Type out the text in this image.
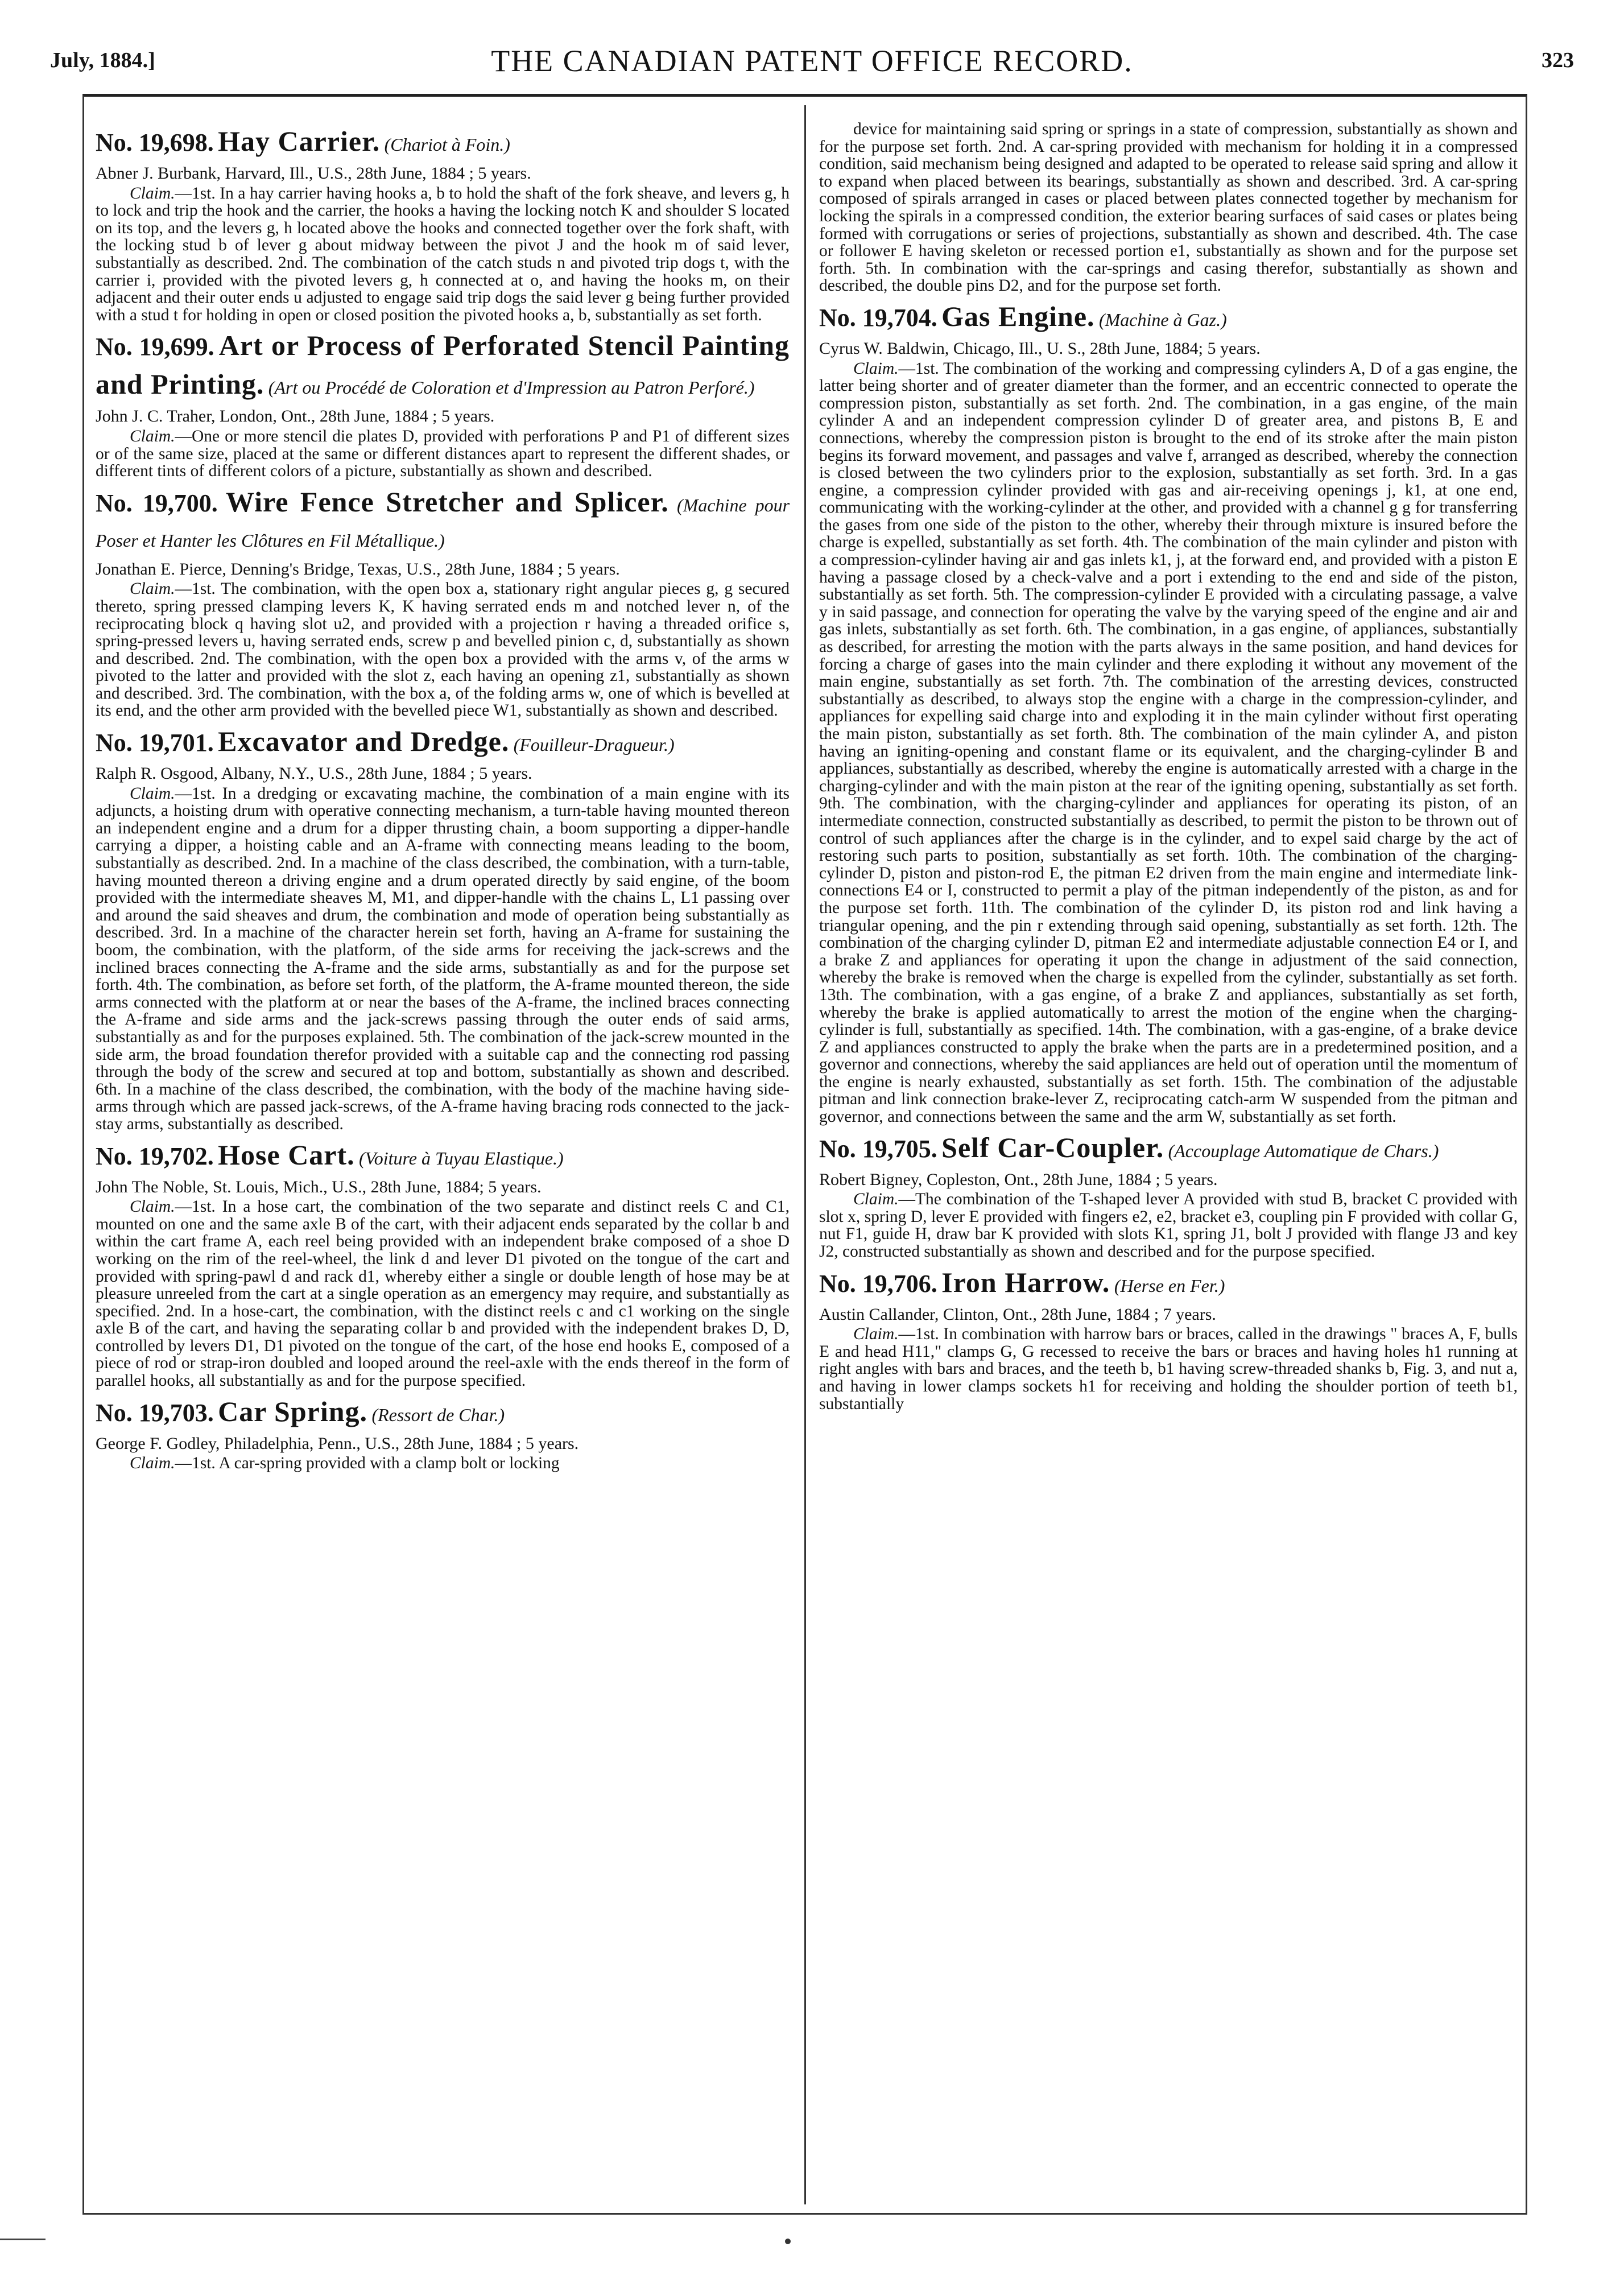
July, 1884.]	THE CANADIAN PATENT OFFICE RECORD.	323
No. 19,698. Hay Carrier. (Chariot à Foin.)
Abner J. Burbank, Harvard, Ill., U.S., 28th June, 1884 ; 5 years.
Claim.—1st. In a hay carrier having hooks a, b to hold the shaft of the fork sheave, and levers g, h to lock and trip the hook and the carrier, the hooks a having the locking notch K and shoulder S located on its top, and the levers g, h located above the hooks and connected together over the fork shaft, with the locking stud b of lever g about midway between the pivot J and the hook m of said lever, substantially as described. 2nd. The combination of the catch studs n and pivoted trip dogs t, with the carrier i, provided with the pivoted levers g, h connected at o, and having the hooks m, on their adjacent and their outer ends u adjusted to engage said trip dogs the said lever g being further provided with a stud t for holding in open or closed position the pivoted hooks a, b, substantially as set forth.
No. 19,699. Art or Process of Perforated Stencil Painting and Printing. (Art ou Procédé de Coloration et d'Impression au Patron Perforé.)
John J. C. Traher, London, Ont., 28th June, 1884 ; 5 years.
Claim.—One or more stencil die plates D, provided with perforations P and P1 of different sizes or of the same size, placed at the same or different distances apart to represent the different shades, or different tints of different colors of a picture, substantially as shown and described.
No. 19,700. Wire Fence Stretcher and Splicer. (Machine pour Poser et Hanter les Clôtures en Fil Métallique.)
Jonathan E. Pierce, Denning's Bridge, Texas, U.S., 28th June, 1884 ; 5 years.
Claim.—1st. The combination, with the open box a, stationary right angular pieces g, g secured thereto, spring pressed clamping levers K, K having serrated ends m and notched lever n, of the reciprocating block q having slot u2, and provided with a projection r having a threaded orifice s, spring-pressed levers u, having serrated ends, screw p and bevelled pinion c, d, substantially as shown and described. 2nd. The combination, with the open box a provided with the arms v, of the arms w pivoted to the latter and provided with the slot z, each having an opening z1, substantially as shown and described. 3rd. The combination, with the box a, of the folding arms w, one of which is bevelled at its end, and the other arm provided with the bevelled piece W1, substantially as shown and described.
No. 19,701. Excavator and Dredge. (Fouilleur-Dragueur.)
Ralph R. Osgood, Albany, N.Y., U.S., 28th June, 1884 ; 5 years.
Claim.—1st. In a dredging or excavating machine, the combination of a main engine with its adjuncts, a hoisting drum with operative connecting mechanism, a turn-table having mounted thereon an independent engine and a drum for a dipper thrusting chain, a boom supporting a dipper-handle carrying a dipper, a hoisting cable and an A-frame with connecting means leading to the boom, substantially as described. 2nd. In a machine of the class described, the combination, with a turn-table, having mounted thereon a driving engine and a drum operated directly by said engine, of the boom provided with the intermediate sheaves M, M1, and dipper-handle with the chains L, L1 passing over and around the said sheaves and drum, the combination and mode of operation being substantially as described. 3rd. In a machine of the character herein set forth, having an A-frame for sustaining the boom, the combination, with the platform, of the side arms for receiving the jack-screws and the inclined braces connecting the A-frame and the side arms, substantially as and for the purpose set forth. 4th. The combination, as before set forth, of the platform, the A-frame mounted thereon, the side arms connected with the platform at or near the bases of the A-frame, the inclined braces connecting the A-frame and side arms and the jack-screws passing through the outer ends of said arms, substantially as and for the purposes explained. 5th. The combination of the jack-screw mounted in the side arm, the broad foundation therefor provided with a suitable cap and the connecting rod passing through the body of the screw and secured at top and bottom, substantially as shown and described. 6th. In a machine of the class described, the combination, with the body of the machine having side-arms through which are passed jack-screws, of the A-frame having bracing rods connected to the jack-stay arms, substantially as described.
No. 19,702. Hose Cart. (Voiture à Tuyau Elastique.)
John The Noble, St. Louis, Mich., U.S., 28th June, 1884; 5 years.
Claim.—1st. In a hose cart, the combination of the two separate and distinct reels C and C1, mounted on one and the same axle B of the cart, with their adjacent ends separated by the collar b and within the cart frame A, each reel being provided with an independent brake composed of a shoe D working on the rim of the reel-wheel, the link d and lever D1 pivoted on the tongue of the cart and provided with spring-pawl d and rack d1, whereby either a single or double length of hose may be at pleasure unreeled from the cart at a single operation as an emergency may require, and substantially as specified. 2nd. In a hose-cart, the combination, with the distinct reels c and c1 working on the single axle B of the cart, and having the separating collar b and provided with the independent brakes D, D, controlled by levers D1, D1 pivoted on the tongue of the cart, of the hose end hooks E, composed of a piece of rod or strap-iron doubled and looped around the reel-axle with the ends thereof in the form of parallel hooks, all substantially as and for the purpose specified.
No. 19,703. Car Spring. (Ressort de Char.)
George F. Godley, Philadelphia, Penn., U.S., 28th June, 1884 ; 5 years.
Claim.—1st. A car-spring provided with a clamp bolt or locking
device for maintaining said spring or springs in a state of compression, substantially as shown and for the purpose set forth. 2nd. A car-spring provided with mechanism for holding it in a compressed condition, said mechanism being designed and adapted to be operated to release said spring and allow it to expand when placed between its bearings, substantially as shown and described. 3rd. A car-spring composed of spirals arranged in cases or placed between plates connected together by mechanism for locking the spirals in a compressed condition, the exterior bearing surfaces of said cases or plates being formed with corrugations or series of projections, substantially as shown and described. 4th. The case or follower E having skeleton or recessed portion e1, substantially as shown and for the purpose set forth. 5th. In combination with the car-springs and casing therefor, substantially as shown and described, the double pins D2, and for the purpose set forth.
No. 19,704. Gas Engine. (Machine à Gaz.)
Cyrus W. Baldwin, Chicago, Ill., U. S., 28th June, 1884; 5 years.
Claim.—1st. The combination of the working and compressing cylinders A, D of a gas engine, the latter being shorter and of greater diameter than the former, and an eccentric connected to operate the compression piston, substantially as set forth. 2nd. The combination, in a gas engine, of the main cylinder A and an independent compression cylinder D of greater area, and pistons B, E and connections, whereby the compression piston is brought to the end of its stroke after the main piston begins its forward movement, and passages and valve f, arranged as described, whereby the connection is closed between the two cylinders prior to the explosion, substantially as set forth. 3rd. In a gas engine, a compression cylinder provided with gas and air-receiving openings j, k1, at one end, communicating with the working-cylinder at the other, and provided with a channel g g for transferring the gases from one side of the piston to the other, whereby their through mixture is insured before the charge is expelled, substantially as set forth. 4th. The combination of the main cylinder and piston with a compression-cylinder having air and gas inlets k1, j, at the forward end, and provided with a piston E having a passage closed by a check-valve and a port i extending to the end and side of the piston, substantially as set forth. 5th. The compression-cylinder E provided with a circulating passage, a valve y in said passage, and connection for operating the valve by the varying speed of the engine and air and gas inlets, substantially as set forth. 6th. The combination, in a gas engine, of appliances, substantially as described, for arresting the motion with the parts always in the same position, and hand devices for forcing a charge of gases into the main cylinder and there exploding it without any movement of the main engine, substantially as set forth. 7th. The combination of the arresting devices, constructed substantially as described, to always stop the engine with a charge in the compression-cylinder, and appliances for expelling said charge into and exploding it in the main cylinder without first operating the main piston, substantially as set forth. 8th. The combination of the main cylinder A, and piston having an igniting-opening and constant flame or its equivalent, and the charging-cylinder B and appliances, substantially as described, whereby the engine is automatically arrested with a charge in the charging-cylinder and with the main piston at the rear of the igniting opening, substantially as set forth. 9th. The combination, with the charging-cylinder and appliances for operating its piston, of an intermediate connection, constructed substantially as described, to permit the piston to be thrown out of control of such appliances after the charge is in the cylinder, and to expel said charge by the act of restoring such parts to position, substantially as set forth. 10th. The combination of the charging-cylinder D, piston and piston-rod E, the pitman E2 driven from the main engine and intermediate link-connections E4 or I, constructed to permit a play of the pitman independently of the piston, as and for the purpose set forth. 11th. The combination of the cylinder D, its piston rod and link having a triangular opening, and the pin r extending through said opening, substantially as set forth. 12th. The combination of the charging cylinder D, pitman E2 and intermediate adjustable connection E4 or I, and a brake Z and appliances for operating it upon the change in adjustment of the said connection, whereby the brake is removed when the charge is expelled from the cylinder, substantially as set forth. 13th. The combination, with a gas engine, of a brake Z and appliances, substantially as set forth, whereby the brake is applied automatically to arrest the motion of the engine when the charging-cylinder is full, substantially as specified. 14th. The combination, with a gas-engine, of a brake device Z and appliances constructed to apply the brake when the parts are in a predetermined position, and a governor and connections, whereby the said appliances are held out of operation until the momentum of the engine is nearly exhausted, substantially as set forth. 15th. The combination of the adjustable pitman and link connection brake-lever Z, reciprocating catch-arm W suspended from the pitman and governor, and connections between the same and the arm W, substantially as set forth.
No. 19,705. Self Car-Coupler. (Accouplage Automatique de Chars.)
Robert Bigney, Copleston, Ont., 28th June, 1884 ; 5 years.
Claim.—The combination of the T-shaped lever A provided with stud B, bracket C provided with slot x, spring D, lever E provided with fingers e2, e2, bracket e3, coupling pin F provided with collar G, nut F1, guide H, draw bar K provided with slots K1, spring J1, bolt J provided with flange J3 and key J2, constructed substantially as shown and described and for the purpose specified.
No. 19,706. Iron Harrow. (Herse en Fer.)
Austin Callander, Clinton, Ont., 28th June, 1884 ; 7 years.
Claim.—1st. In combination with harrow bars or braces, called in the drawings " braces A, F, bulls E and head H11," clamps G, G recessed to receive the bars or braces and having holes h1 running at right angles with bars and braces, and the teeth b, b1 having screw-threaded shanks b, Fig. 3, and nut a, and having in lower clamps sockets h1 for receiving and holding the shoulder portion of teeth b1, substantially
